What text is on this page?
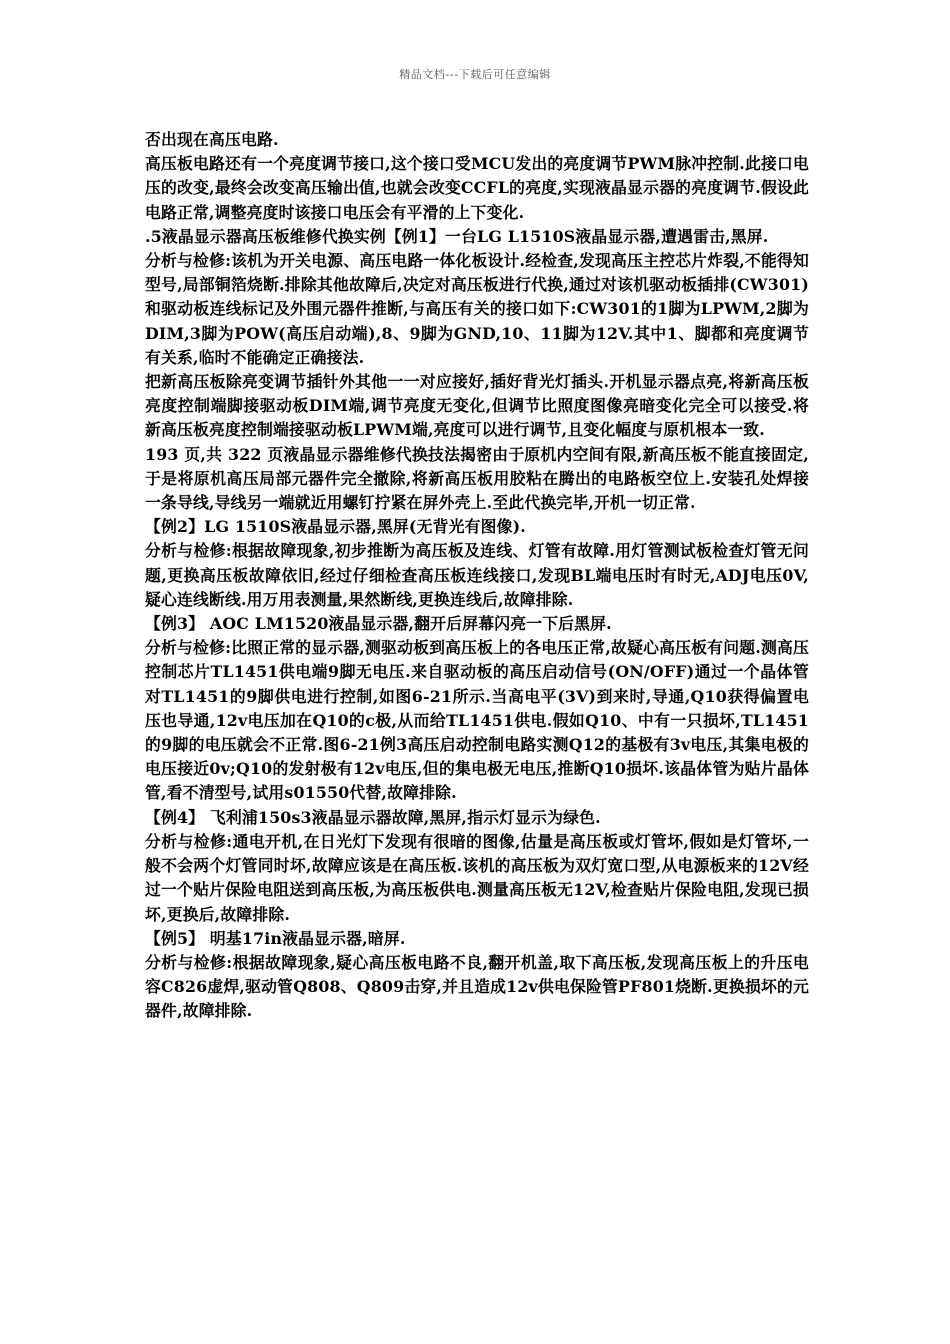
精品文档---下载后可任意编辑

否出现在高压电路.

高压板电路还有一个亮度调节接口,这个接口受MCU发出的亮度调节PWM脉冲控制.此接口电压的改变,最终会改变高压输出值,也就会改变CCFL的亮度,实现液晶显示器的亮度调节.假设此电路正常,调整亮度时该接口电压会有平滑的上下变化.

.5液晶显示器高压板维修代换实例【例1】一台LG L1510S液晶显示器,遭遇雷击,黑屏.

分析与检修:该机为开关电源、高压电路一体化板设计.经检查,发现高压主控芯片炸裂,不能得知型号,局部铜箔烧断.排除其他故障后,决定对高压板进行代换,通过对该机驱动板插排(CW301)和驱动板连线标记及外围元器件推断,与高压有关的接口如下:CW301的1脚为LPWM,2脚为DIM,3脚为POW(高压启动端),8、9脚为GND,10、11脚为12V.其中1、脚都和亮度调节有关系,临时不能确定正确接法.

把新高压板除亮变调节插针外其他一一对应接好,插好背光灯插头.开机显示器点亮,将新高压板亮度控制端脚接驱动板DIM端,调节亮度无变化,但调节比照度图像亮暗变化完全可以接受.将新高压板亮度控制端接驱动板LPWM端,亮度可以进行调节,且变化幅度与原机根本一致.

193 页,共 322 页液晶显示器维修代换技法揭密由于原机内空间有限,新高压板不能直接固定,于是将原机高压局部元器件完全撤除,将新高压板用胶粘在腾出的电路板空位上.安装孔处焊接一条导线,导线另一端就近用螺钉拧紧在屏外壳上.至此代换完毕,开机一切正常.

【例2】LG 1510S液晶显示器,黑屏(无背光有图像).

分析与检修:根据故障现象,初步推断为高压板及连线、灯管有故障.用灯管测试板检查灯管无问题,更换高压板故障依旧,经过仔细检查高压板连线接口,发现BL端电压时有时无,ADJ电压0V,疑心连线断线.用万用表测量,果然断线,更换连线后,故障排除.

【例3】 AOC LM1520液晶显示器,翻开后屏幕闪亮一下后黑屏.

分析与检修:比照正常的显示器,测驱动板到高压板上的各电压正常,故疑心高压板有问题.测高压控制芯片TL1451供电端9脚无电压.来自驱动板的高压启动信号(ON/OFF)通过一个晶体管对TL1451的9脚供电进行控制,如图6-21所示.当高电平(3V)到来时,导通,Q10获得偏置电压也导通,12v电压加在Q10的c极,从而给TL1451供电.假如Q10、中有一只损坏,TL1451的9脚的电压就会不正常.图6-21例3高压启动控制电路实测Q12的基极有3v电压,其集电极的电压接近0v;Q10的发射极有12v电压,但的集电极无电压,推断Q10损坏.该晶体管为贴片晶体管,看不清型号,试用s01550代替,故障排除.

【例4】 飞利浦150s3液晶显示器故障,黑屏,指示灯显示为绿色.

分析与检修:通电开机,在日光灯下发现有很暗的图像,估量是高压板或灯管坏,假如是灯管坏,一般不会两个灯管同时坏,故障应该是在高压板.该机的高压板为双灯宽口型,从电源板来的12V经过一个贴片保险电阻送到高压板,为高压板供电.测量高压板无12V,检查贴片保险电阻,发现已损坏,更换后,故障排除.

【例5】 明基17in液晶显示器,暗屏.

分析与检修:根据故障现象,疑心高压板电路不良,翻开机盖,取下高压板,发现高压板上的升压电容C826虚焊,驱动管Q808、Q809击穿,并且造成12v供电保险管PF801烧断.更换损坏的元器件,故障排除.
